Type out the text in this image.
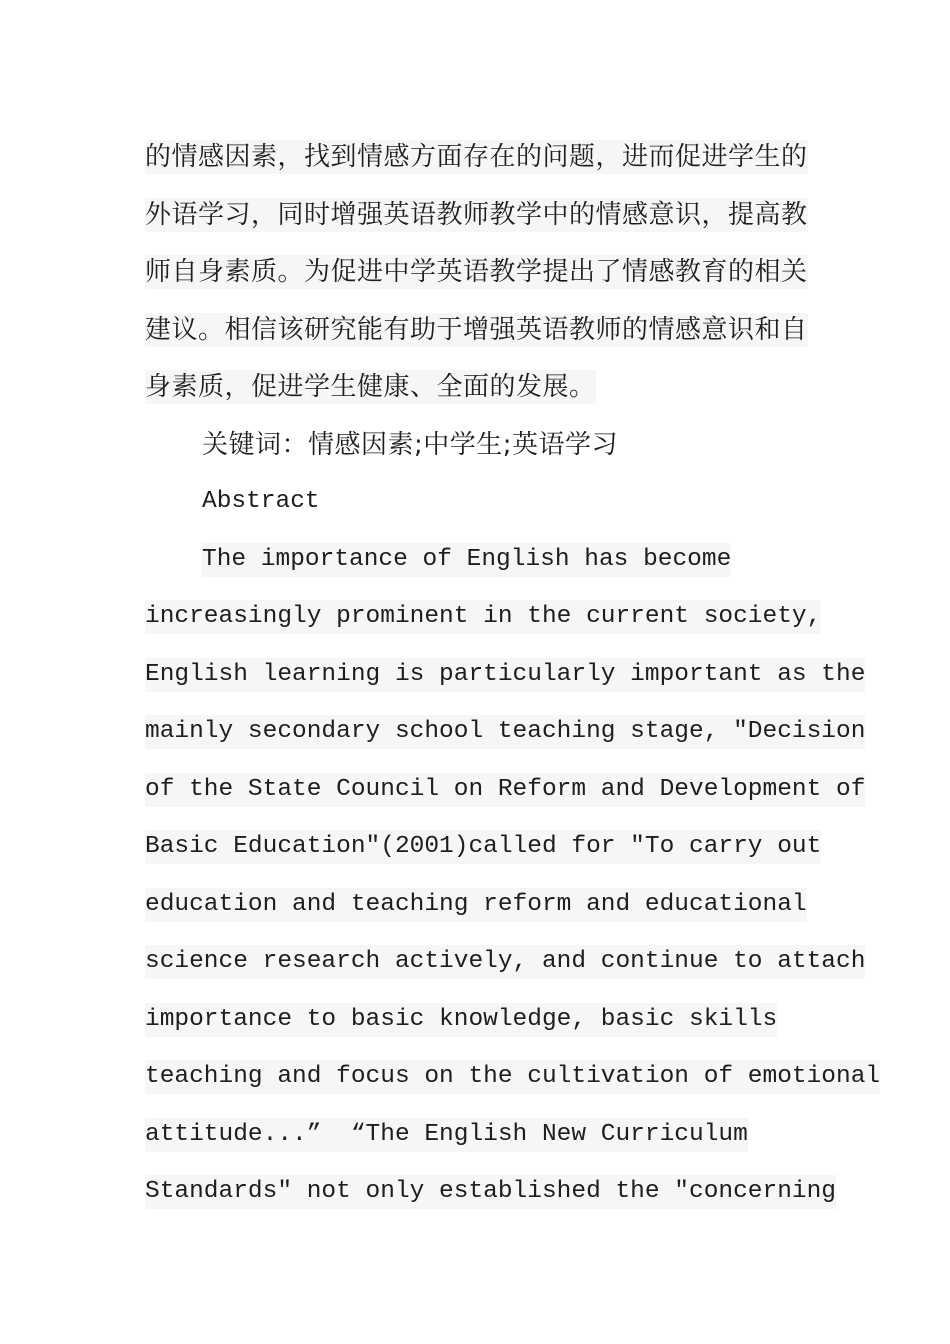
的情感因素，找到情感方面存在的问题，进而促进学生的
外语学习，同时增强英语教师教学中的情感意识，提高教
师自身素质。为促进中学英语教学提出了情感教育的相关
建议。相信该研究能有助于增强英语教师的情感意识和自
身素质，促进学生健康、全面的发展。
关键词：情感因素;中学生;英语学习
Abstract
The importance of English has become
increasingly prominent in the current society,
English learning is particularly important as the
mainly secondary school teaching stage, ″Decision
of the State Council on Reform and Development of
Basic Education″(2001)called for ″To carry out
education and teaching reform and educational
science research actively, and continue to attach
importance to basic knowledge, basic skills
teaching and focus on the cultivation of emotional
attitude...”  “The English New Curriculum
Standards″ not only established the ″concerning
